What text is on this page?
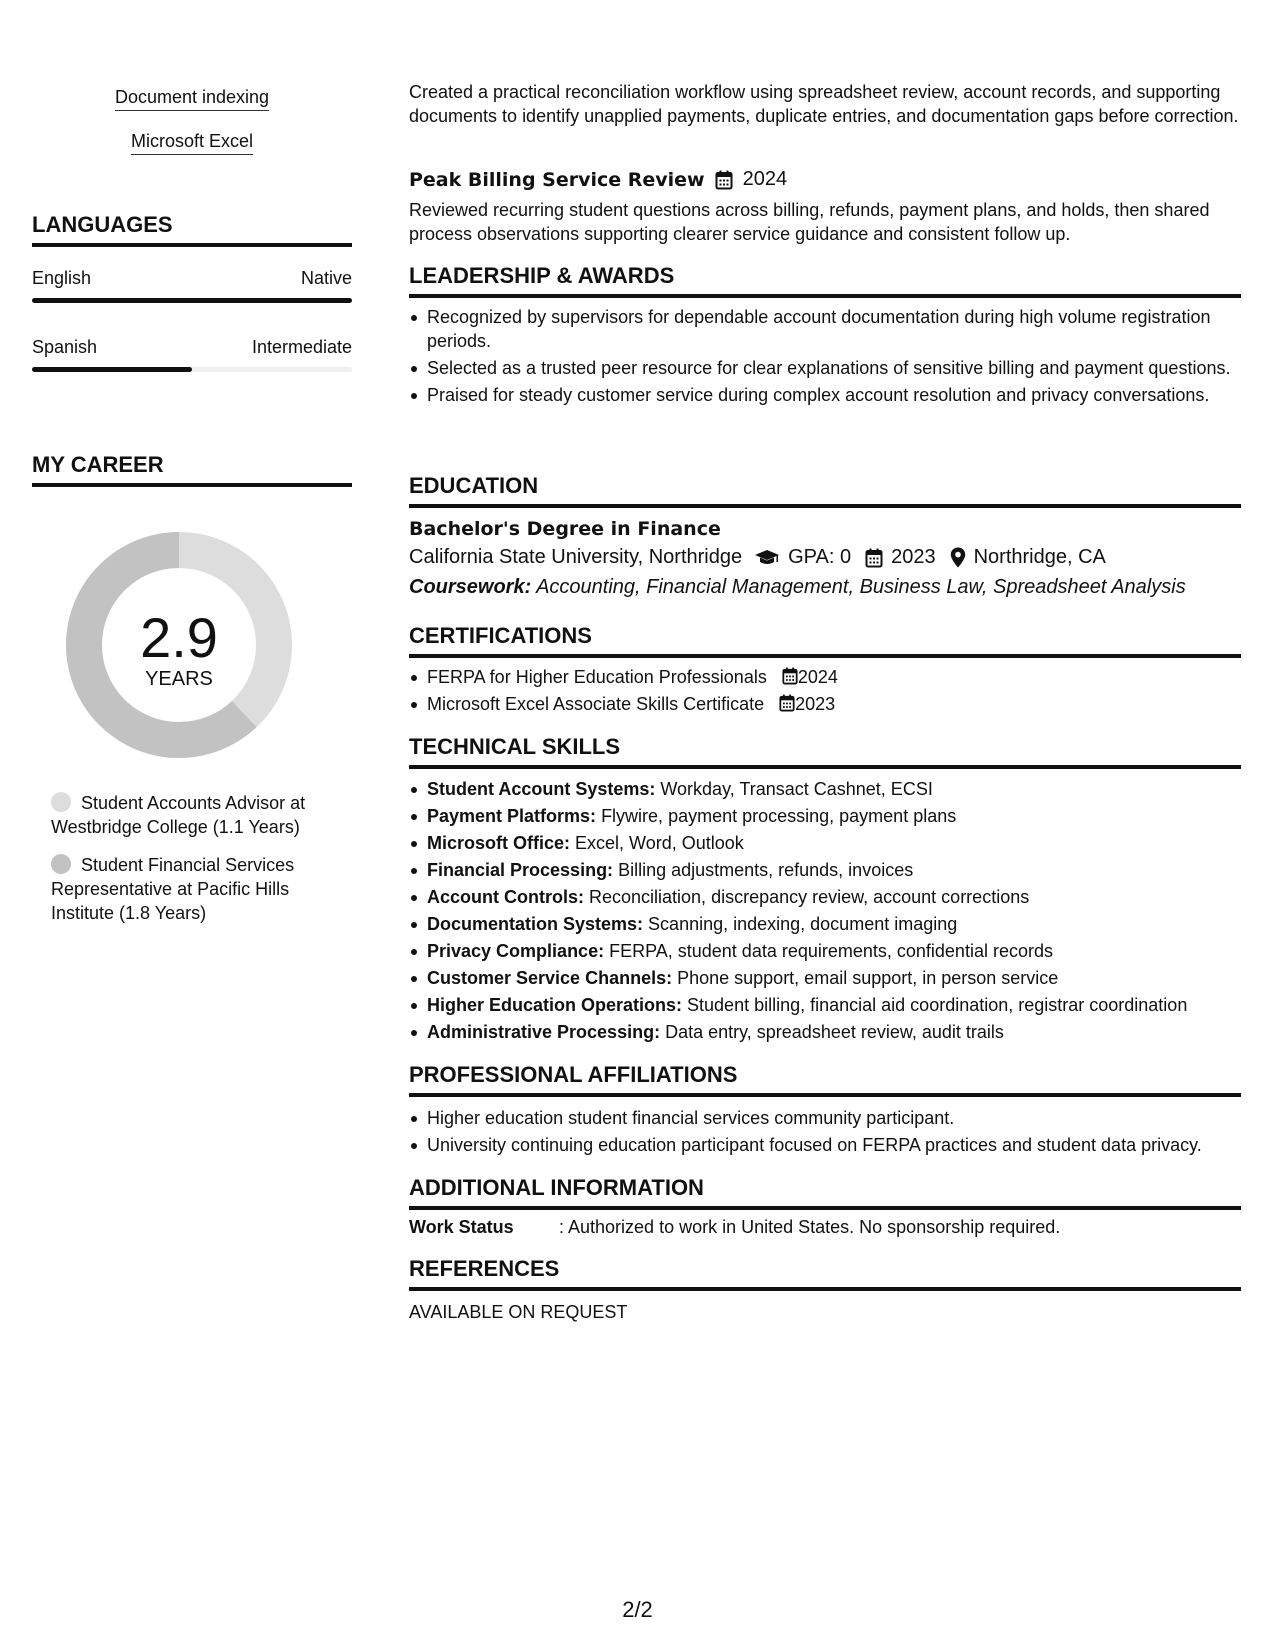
Document indexing
Microsoft Excel
LANGUAGES
English	Native
Spanish	Intermediate
MY CAREER
2.9
YEARS
Student Accounts Advisor at Westbridge College (1.1 Years)
Student Financial Services Representative at Pacific Hills Institute (1.8 Years)
Created a practical reconciliation workflow using spreadsheet review, account records, and supporting documents to identify unapplied payments, duplicate entries, and documentation gaps before correction.
Peak Billing Service Review 2024
Reviewed recurring student questions across billing, refunds, payment plans, and holds, then shared process observations supporting clearer service guidance and consistent follow up.
LEADERSHIP & AWARDS
Recognized by supervisors for dependable account documentation during high volume registration periods.
Selected as a trusted peer resource for clear explanations of sensitive billing and payment questions.
Praised for steady customer service during complex account resolution and privacy conversations.
EDUCATION
Bachelor's Degree in Finance
California State University, Northridge GPA: 0 2023 Northridge, CA
Coursework: Accounting, Financial Management, Business Law, Spreadsheet Analysis
CERTIFICATIONS
FERPA for Higher Education Professionals 2024
Microsoft Excel Associate Skills Certificate 2023
TECHNICAL SKILLS
Student Account Systems: Workday, Transact Cashnet, ECSI
Payment Platforms: Flywire, payment processing, payment plans
Microsoft Office: Excel, Word, Outlook
Financial Processing: Billing adjustments, refunds, invoices
Account Controls: Reconciliation, discrepancy review, account corrections
Documentation Systems: Scanning, indexing, document imaging
Privacy Compliance: FERPA, student data requirements, confidential records
Customer Service Channels: Phone support, email support, in person service
Higher Education Operations: Student billing, financial aid coordination, registrar coordination
Administrative Processing: Data entry, spreadsheet review, audit trails
PROFESSIONAL AFFILIATIONS
Higher education student financial services community participant.
University continuing education participant focused on FERPA practices and student data privacy.
ADDITIONAL INFORMATION
Work Status	: Authorized to work in United States. No sponsorship required.
REFERENCES
AVAILABLE ON REQUEST
2/2
